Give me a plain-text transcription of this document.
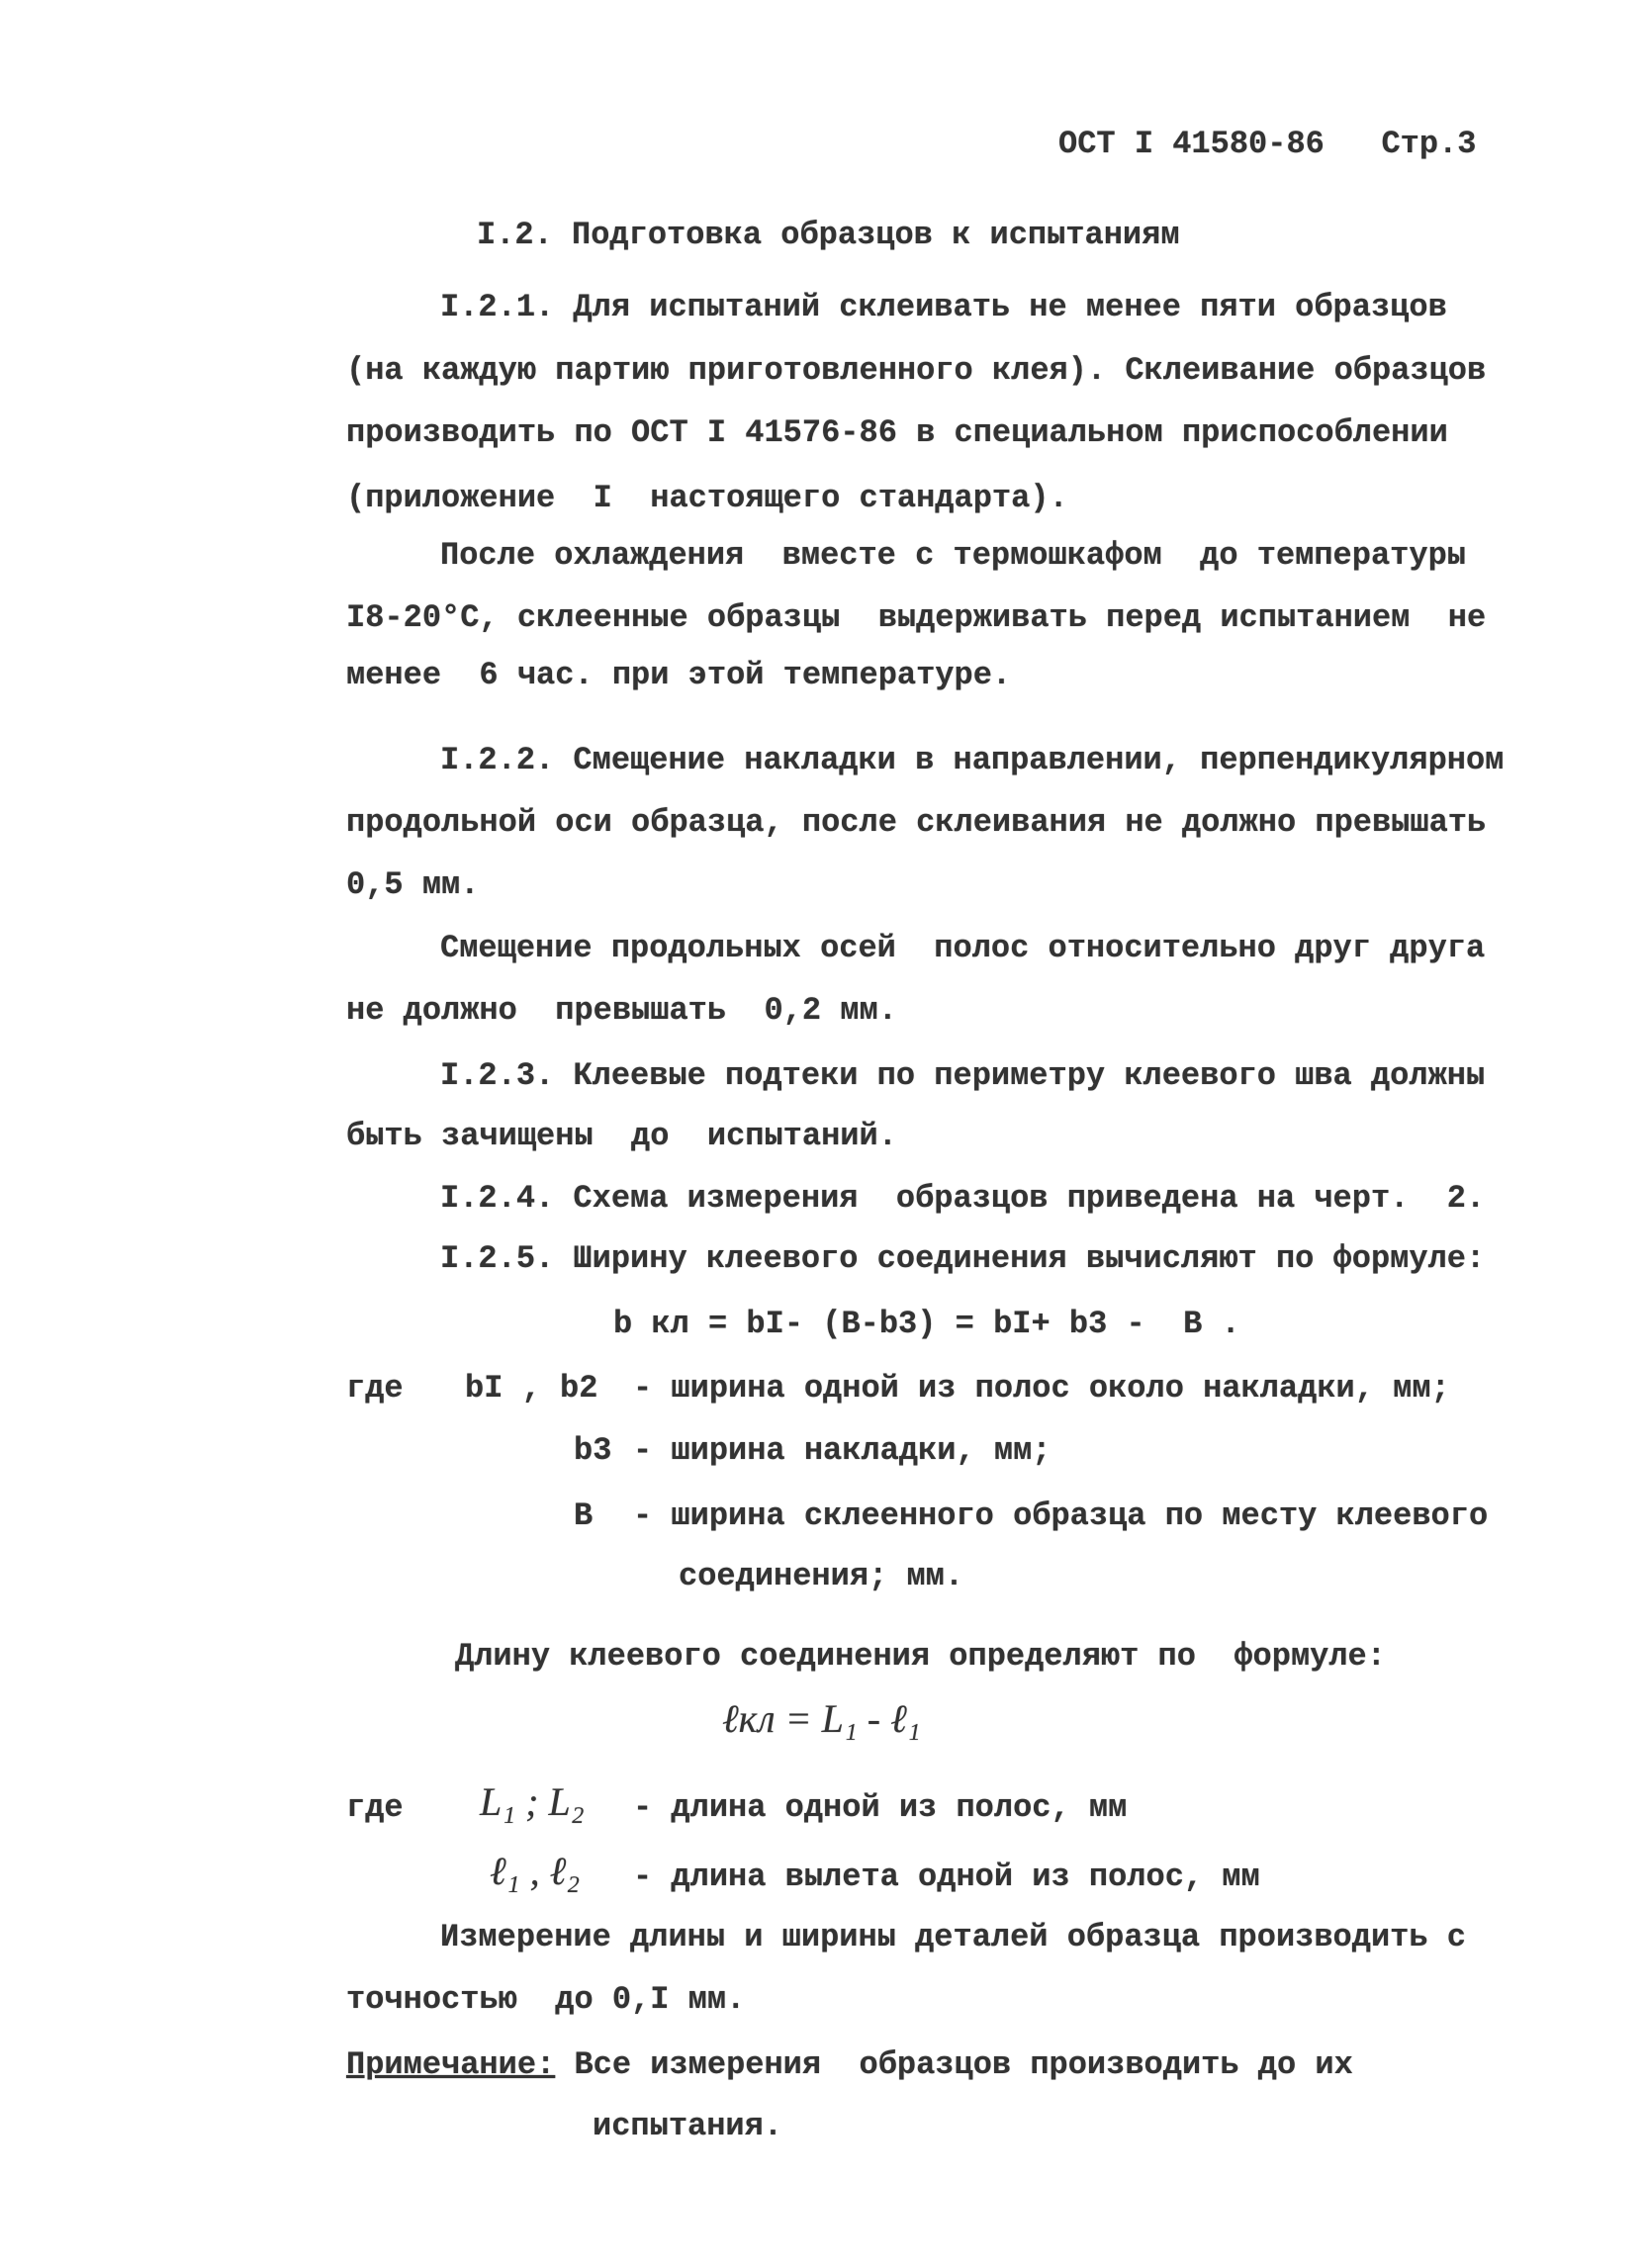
ОСТ I 41580-86 Стр.3
I.2. Подготовка образцов к испытаниям
I.2.1. Для испытаний склеивать не менее пяти образцов
(на каждую партию приготовленного клея). Склеивание образцов
производить по ОСТ I 41576-86 в специальном приспособлении
(приложение  I  настоящего стандарта).
После охлаждения  вместе с термошкафом  до температуры
I8-20°C, склеенные образцы  выдерживать перед испытанием  не
менее  6 час. при этой температуре.
I.2.2. Смещение накладки в направлении, перпендикулярном
продольной оси образца, после склеивания не должно превышать
0,5 мм.
Смещение продольных осей  полос относительно друг друга
не должно  превышать  0,2 мм.
I.2.3. Клеевые подтеки по периметру клеевого шва должны
быть зачищены  до  испытаний.
I.2.4. Схема измерения  образцов приведена на черт.  2.
I.2.5. Ширину клеевого соединения вычисляют по формуле:
b кл = bI- (B-b3) = bI+ b3 -  B .
где bI , b2 - ширина одной из полос около накладки, мм;
b3 - ширина накладки, мм;
B - ширина склеенного образца по месту клеевого
соединения; мм.
Длину клеевого соединения определяют по  формуле:
ℓкл = L₁ - ℓ₁
где L₁ ; L₂ - длина одной из полос, мм
ℓ₁ , ℓ₂ - длина вылета одной из полос, мм
Измерение длины и ширины деталей образца производить с
точностью  до 0,I мм.
Примечание: Все измерения  образцов производить до их
испытания.
